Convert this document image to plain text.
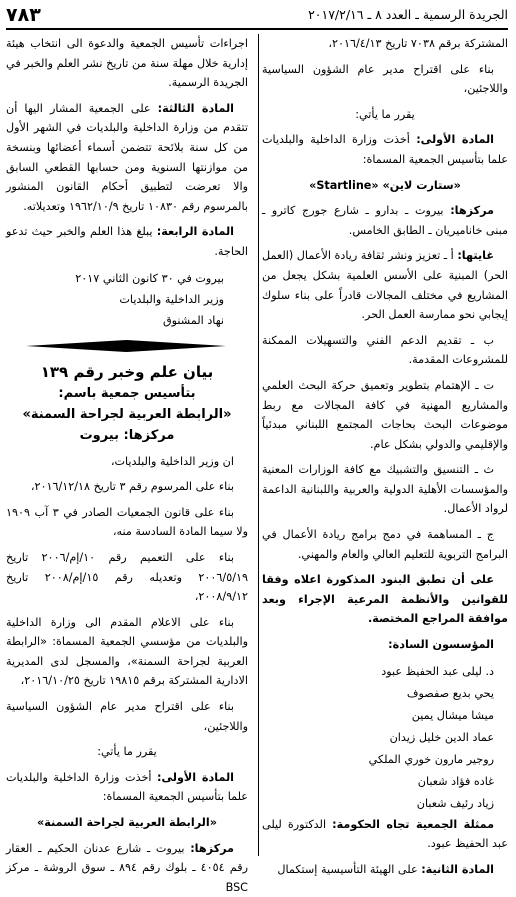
٧٨٣	الجريدة الرسمية ـ العدد ٨ ـ ٢٠١٧/٢/١٦

المشتركة برقم ٧٠٣٨ تاريخ ٢٠١٦/٤/١٣،

بناء على اقتراح مدير عام الشؤون السياسية واللاجئين،

يقرر ما يأتي:

المادة الأولى: أخذت وزارة الداخلية والبلديات علما بتأسيس الجمعية المسماة:

«ستارت لاين» «Startline»

مركزها: بيروت ـ بدارو ـ شارع جورج كاترو ـ مبنى خاناميريان ـ الطابق الخامس.

غايتها: أ ـ تعزيز ونشر ثقافة ريادة الأعمال (العمل الحر) المبنية على الأسس العلمية بشكل يجعل من المشاريع في مختلف المجالات قادراً على بناء سلوك إيجابي نحو ممارسة العمل الحر.

ب ـ تقديم الدعم الفني والتسهيلات الممكنة للمشروعات المقدمة.

ت ـ الإهتمام بتطوير وتعميق حركة البحث العلمي والمشاريع المهنية في كافة المجالات مع ربط موضوعات البحث بحاجات المجتمع اللبناني مبدئياً والإقليمي والدولي بشكل عام.

ث ـ التنسيق والتشبيك مع كافة الوزارات المعنية والمؤسسات الأهلية الدولية والعربية واللبنانية الداعمة لرواد الأعمال.

ج ـ المساهمة في دمج برامج ريادة الأعمال في البرامج التربوية للتعليم العالي والعام والمهني.

على أن تطبق البنود المذكورة اعلاه وفقا للقوانين والأنظمة المرعية الإجراء وبعد موافقة المراجع المختصة.

المؤسسون السادة:

د. ليلى عبد الحفيظ عبود

يحي بديع صفصوف

ميشا ميشال يمين

عماد الدين خليل زيدان

روجير مارون خوري الملكي

غاده فؤاد شعبان

زياد رئيف شعبان

ممثلة الجمعية تجاه الحكومة: الدكتورة ليلى عبد الحفيظ عبود.

المادة الثانية: على الهيئة التأسيسية إستكمال

اجراءات تأسيس الجمعية والدعوة الى انتخاب هيئة إدارية خلال مهلة سنة من تاريخ نشر العلم والخبر في الجريدة الرسمية.

المادة الثالثة: على الجمعية المشار اليها أن تتقدم من وزارة الداخلية والبلديات في الشهر الأول من كل سنة بلائحة تتضمن أسماء أعضائها وبنسخة من موازنتها السنوية ومن حسابها القطعي السابق والا تعرضت لتطبيق أحكام القانون المنشور بالمرسوم رقم ١٠٨٣٠ تاريخ ١٩٦٢/١٠/٩ وتعديلاته.

المادة الرابعة: يبلغ هذا العلم والخبر حيث تدعو الحاجة.

بيروت في ٣٠ كانون الثاني ٢٠١٧

وزير الداخلية والبلديات

نهاد المشنوق

بيان علم وخبر رقم ١٣٩

بتأسيس جمعية باسم:

«الرابطة العربية لجراحة السمنة»

مركزها: بيروت

ان وزير الداخلية والبلديات،

بناء على المرسوم رقم ٣ تاريخ ٢٠١٦/١٢/١٨،

بناء على قانون الجمعيات الصادر في ٣ آب ١٩٠٩ ولا سيما المادة السادسة منه،

بناء على التعميم رقم ١٠/إم/٢٠٠٦ تاريخ ٢٠٠٦/٥/١٩ وتعديله رقم ١٥/إم/٢٠٠٨ تاريخ ٢٠٠٨/٩/١٢،

بناء على الاعلام المقدم الى وزارة الداخلية والبلديات من مؤسسي الجمعية المسماة: «الرابطة العربية لجراحة السمنة»، والمسجل لدى المديرية الادارية المشتركة برقم ١٩٨١٥ تاريخ ٢٠١٦/١٠/٢٥،

بناء على اقتراح مدير عام الشؤون السياسية واللاجئين،

يقرر ما يأتي:

المادة الأولى: أخذت وزارة الداخلية والبلديات علما بتأسيس الجمعية المسماة:

«الرابطة العربية لجراحة السمنة»

مركزها: بيروت ـ شارع عدنان الحكيم ـ العقار رقم ٤٠٥٤ ـ بلوك رقم ٨٩٤ ـ سوق الروشة ـ مركز BSC
